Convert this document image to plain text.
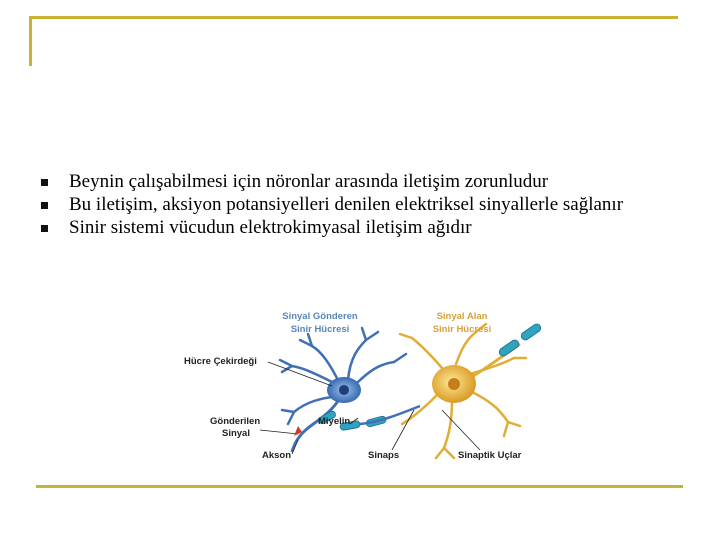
Beynin çalışabilmesi için nöronlar arasında iletişim zorunludur
Bu iletişim, aksiyon potansiyelleri denilen elektriksel sinyallerle sağlanır
Sinir sistemi vücudun elektrokimyasal iletişim ağıdır
Sinyal Gönderen
Sinir Hücresi
Sinyal Alan
Sinir Hücresi
Hücre Çekirdeği
Miyelin
Gönderilen
Sinyal
Akson	Sinaps	Sinaptik Uçlar
